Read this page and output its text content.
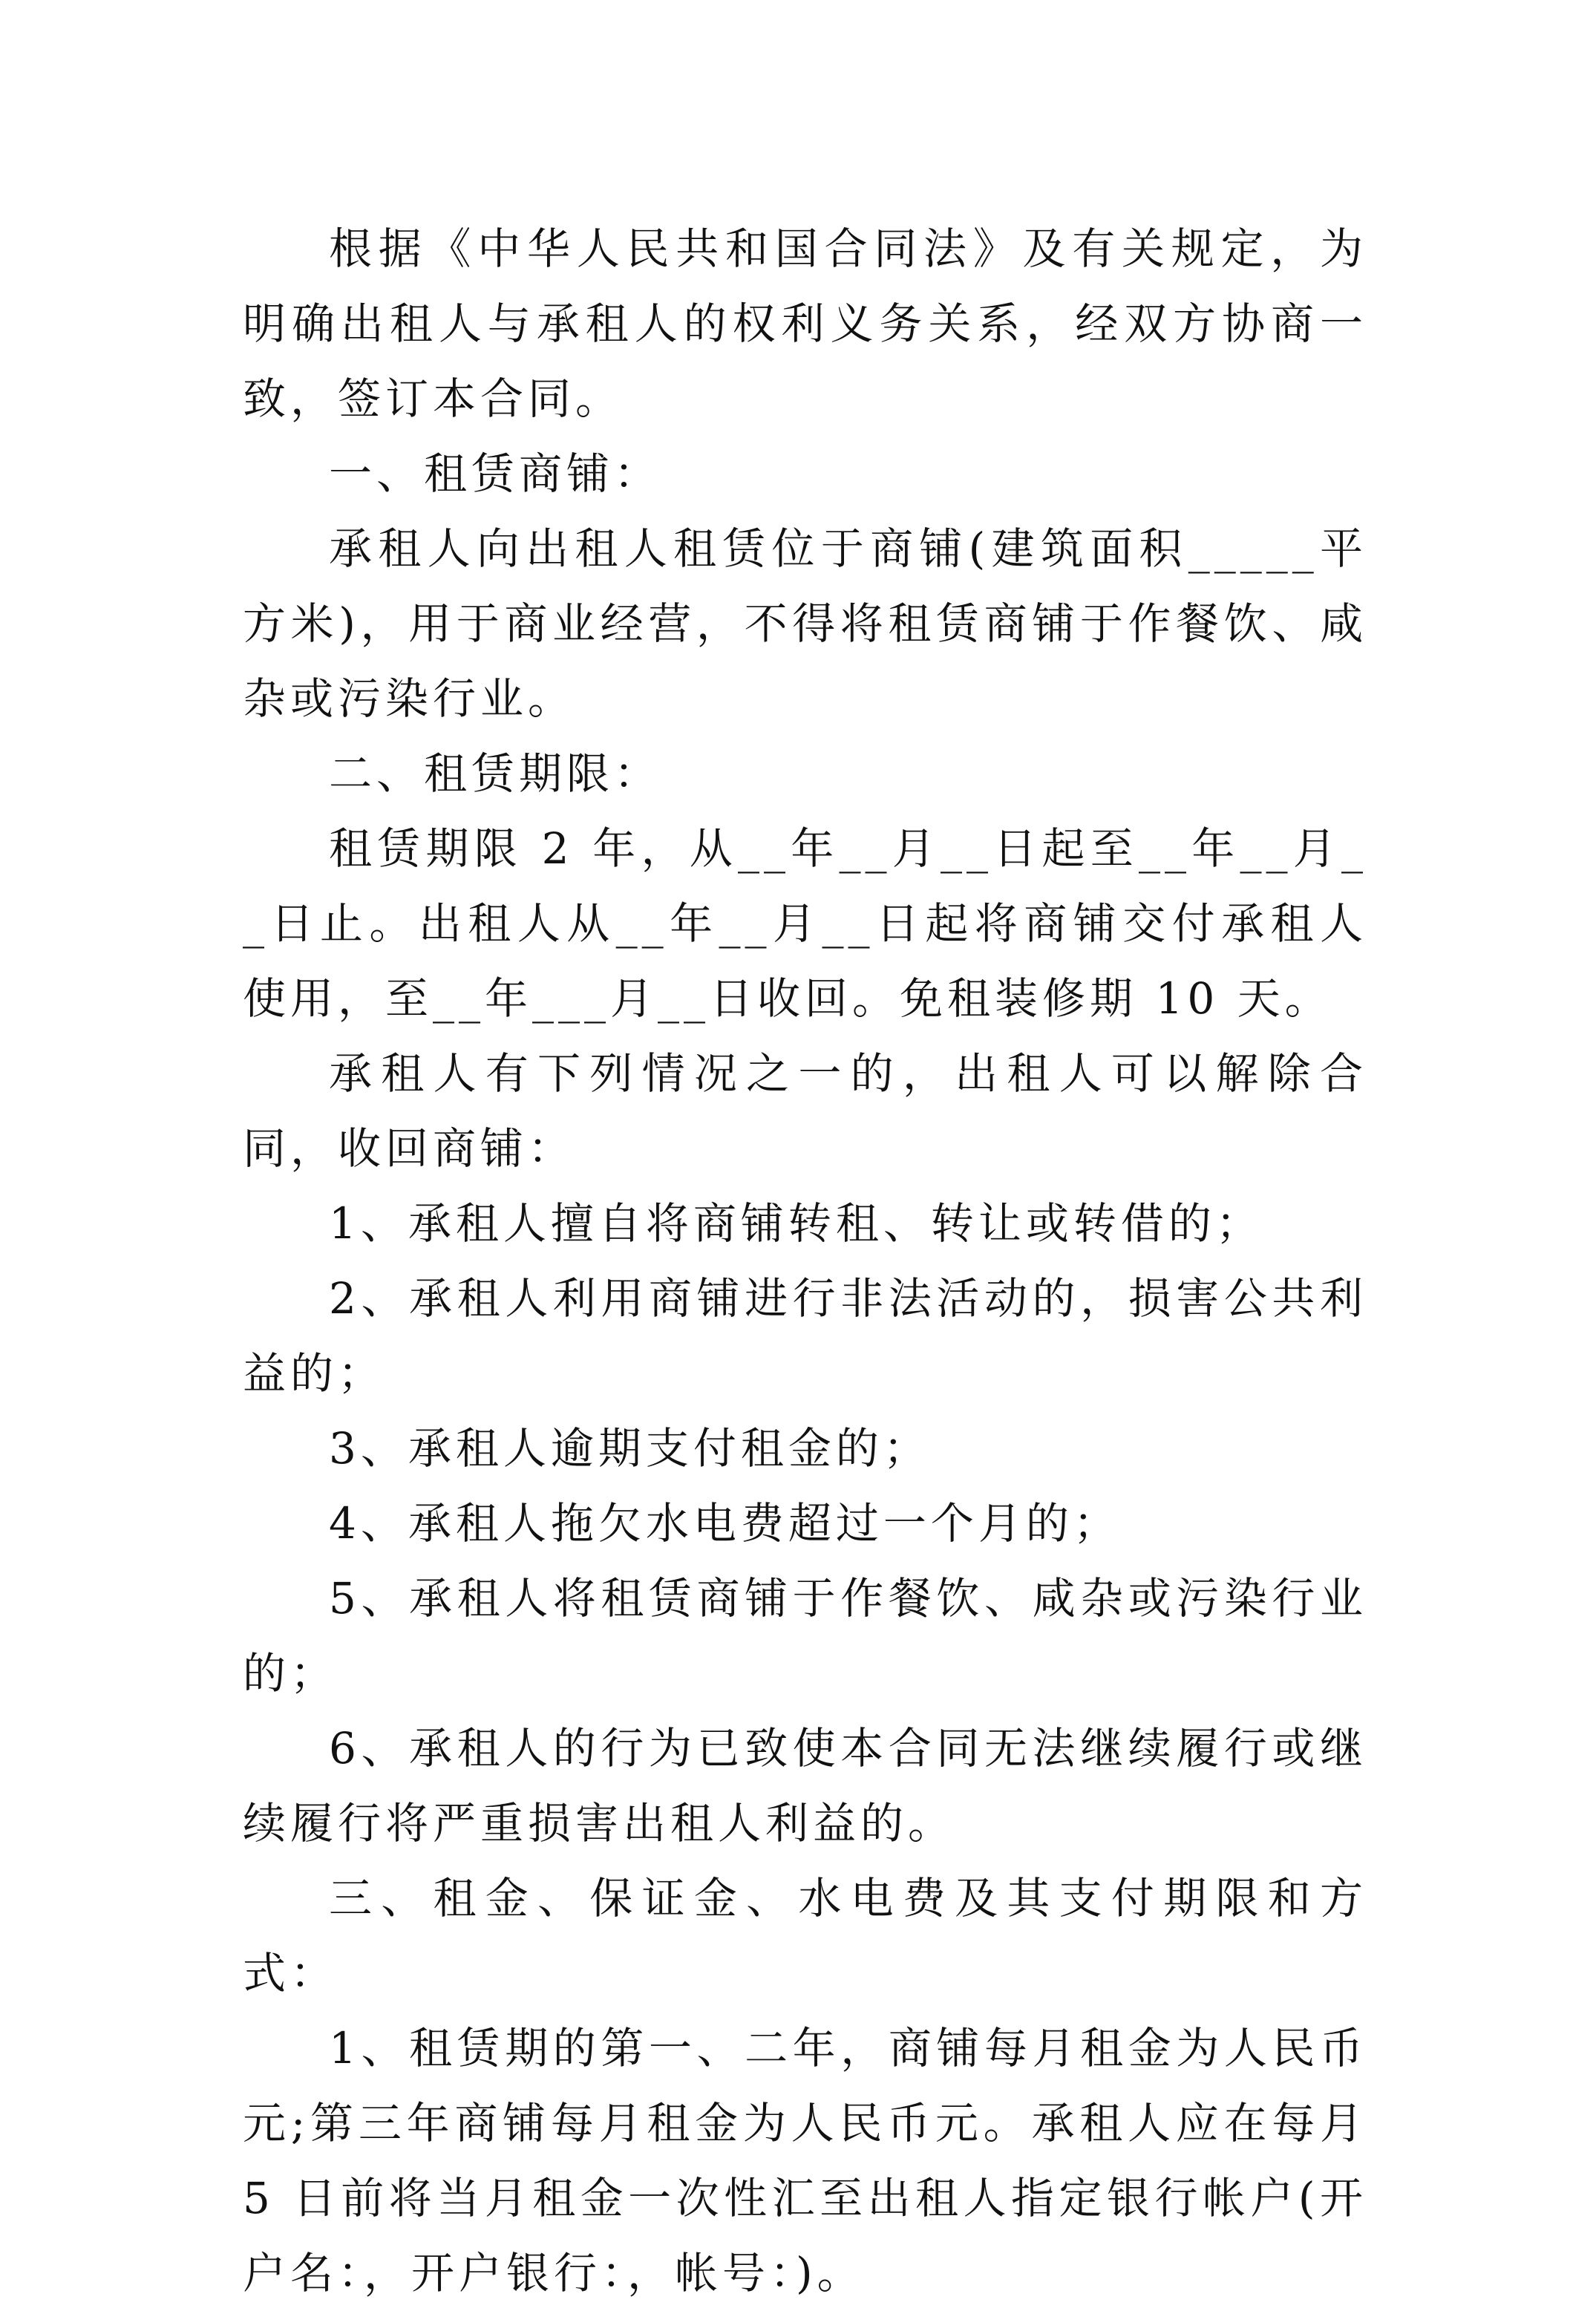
根据《中华人民共和国合同法》及有关规定，为明确出租人与承租人的权利义务关系，经双方协商一致，签订本合同。

一、租赁商铺：

承租人向出租人租赁位于商铺(建筑面积_____平方米)，用于商业经营，不得将租赁商铺于作餐饮、咸杂或污染行业。

二、租赁期限：

租赁期限 2 年，从__年__月__日起至__年__月__日止。出租人从__年__月__日起将商铺交付承租人使用，至__年___月__日收回。免租装修期 10 天。

承租人有下列情况之一的，出租人可以解除合同，收回商铺：

1、承租人擅自将商铺转租、转让或转借的；

2、承租人利用商铺进行非法活动的，损害公共利益的；

3、承租人逾期支付租金的；

4、承租人拖欠水电费超过一个月的；

5、承租人将租赁商铺于作餐饮、咸杂或污染行业的；

6、承租人的行为已致使本合同无法继续履行或继续履行将严重损害出租人利益的。

三、租金、保证金、水电费及其支付期限和方式：

1、租赁期的第一、二年，商铺每月租金为人民币元;第三年商铺每月租金为人民币元。承租人应在每月 5 日前将当月租金一次性汇至出租人指定银行帐户(开户名：，开户银行：，帐号：)。
